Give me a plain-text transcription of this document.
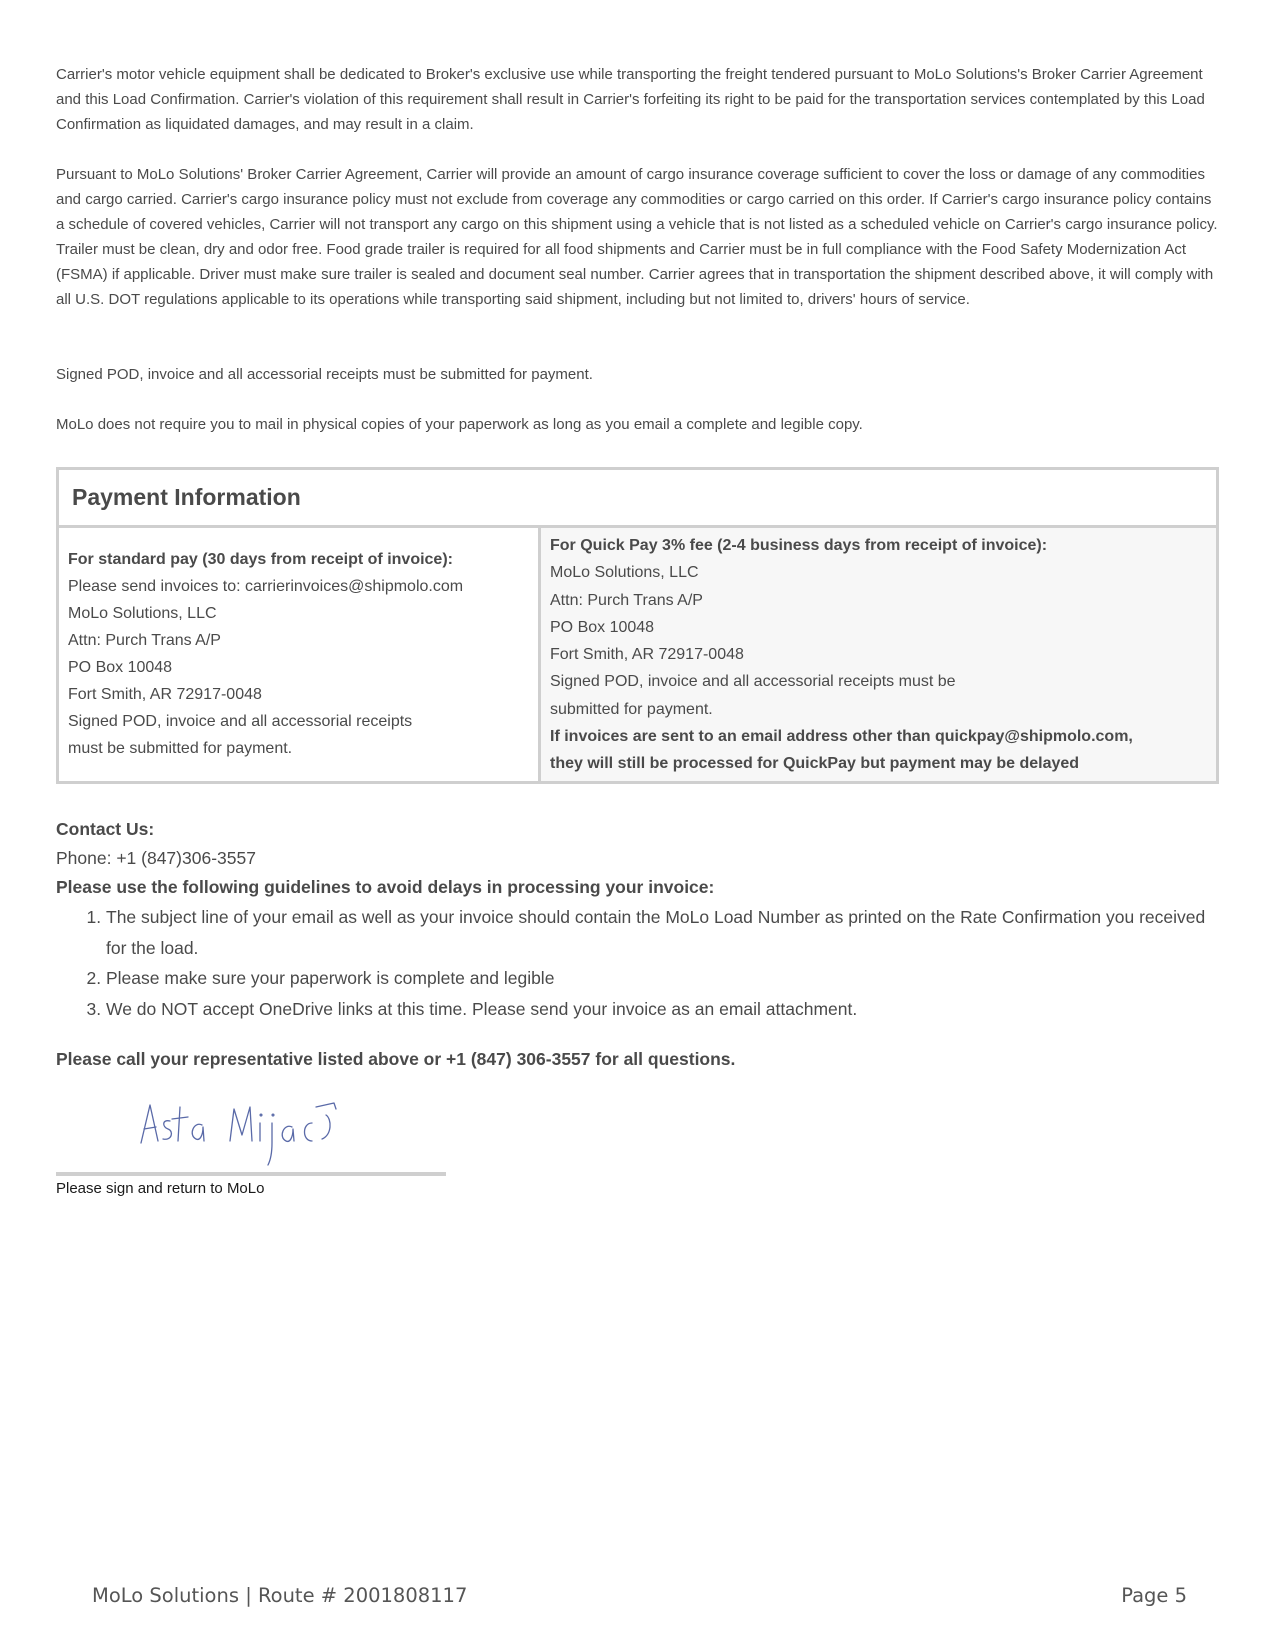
Carrier's motor vehicle equipment shall be dedicated to Broker's exclusive use while transporting the freight tendered pursuant to MoLo Solutions's Broker Carrier Agreement and this Load Confirmation. Carrier's violation of this requirement shall result in Carrier's forfeiting its right to be paid for the transportation services contemplated by this Load Confirmation as liquidated damages, and may result in a claim.

Pursuant to MoLo Solutions' Broker Carrier Agreement, Carrier will provide an amount of cargo insurance coverage sufficient to cover the loss or damage of any commodities and cargo carried. Carrier's cargo insurance policy must not exclude from coverage any commodities or cargo carried on this order. If Carrier's cargo insurance policy contains a schedule of covered vehicles, Carrier will not transport any cargo on this shipment using a vehicle that is not listed as a scheduled vehicle on Carrier's cargo insurance policy. Trailer must be clean, dry and odor free. Food grade trailer is required for all food shipments and Carrier must be in full compliance with the Food Safety Modernization Act (FSMA) if applicable. Driver must make sure trailer is sealed and document seal number. Carrier agrees that in transportation the shipment described above, it will comply with all U.S. DOT regulations applicable to its operations while transporting said shipment, including but not limited to, drivers' hours of service.

Signed POD, invoice and all accessorial receipts must be submitted for payment.

MoLo does not require you to mail in physical copies of your paperwork as long as you email a complete and legible copy.

Payment Information
For standard pay (30 days from receipt of invoice):
Please send invoices to: carrierinvoices@shipmolo.com
MoLo Solutions, LLC
Attn: Purch Trans A/P
PO Box 10048
Fort Smith, AR 72917-0048
Signed POD, invoice and all accessorial receipts
must be submitted for payment.
For Quick Pay 3% fee (2-4 business days from receipt of invoice):
MoLo Solutions, LLC
Attn: Purch Trans A/P
PO Box 10048
Fort Smith, AR 72917-0048
Signed POD, invoice and all accessorial receipts must be
submitted for payment.
If invoices are sent to an email address other than quickpay@shipmolo.com,
they will still be processed for QuickPay but payment may be delayed
Contact Us:
Phone: +1 (847)306-3557
Please use the following guidelines to avoid delays in processing your invoice:
1. The subject line of your email as well as your invoice should contain the MoLo Load Number as printed on the Rate Confirmation you received for the load.
2. Please make sure your paperwork is complete and legible
3. We do NOT accept OneDrive links at this time. Please send your invoice as an email attachment.
Please call your representative listed above or +1 (847) 306-3557 for all questions.
Please sign and return to MoLo
MoLo Solutions | Route # 2001808117	Page 5
